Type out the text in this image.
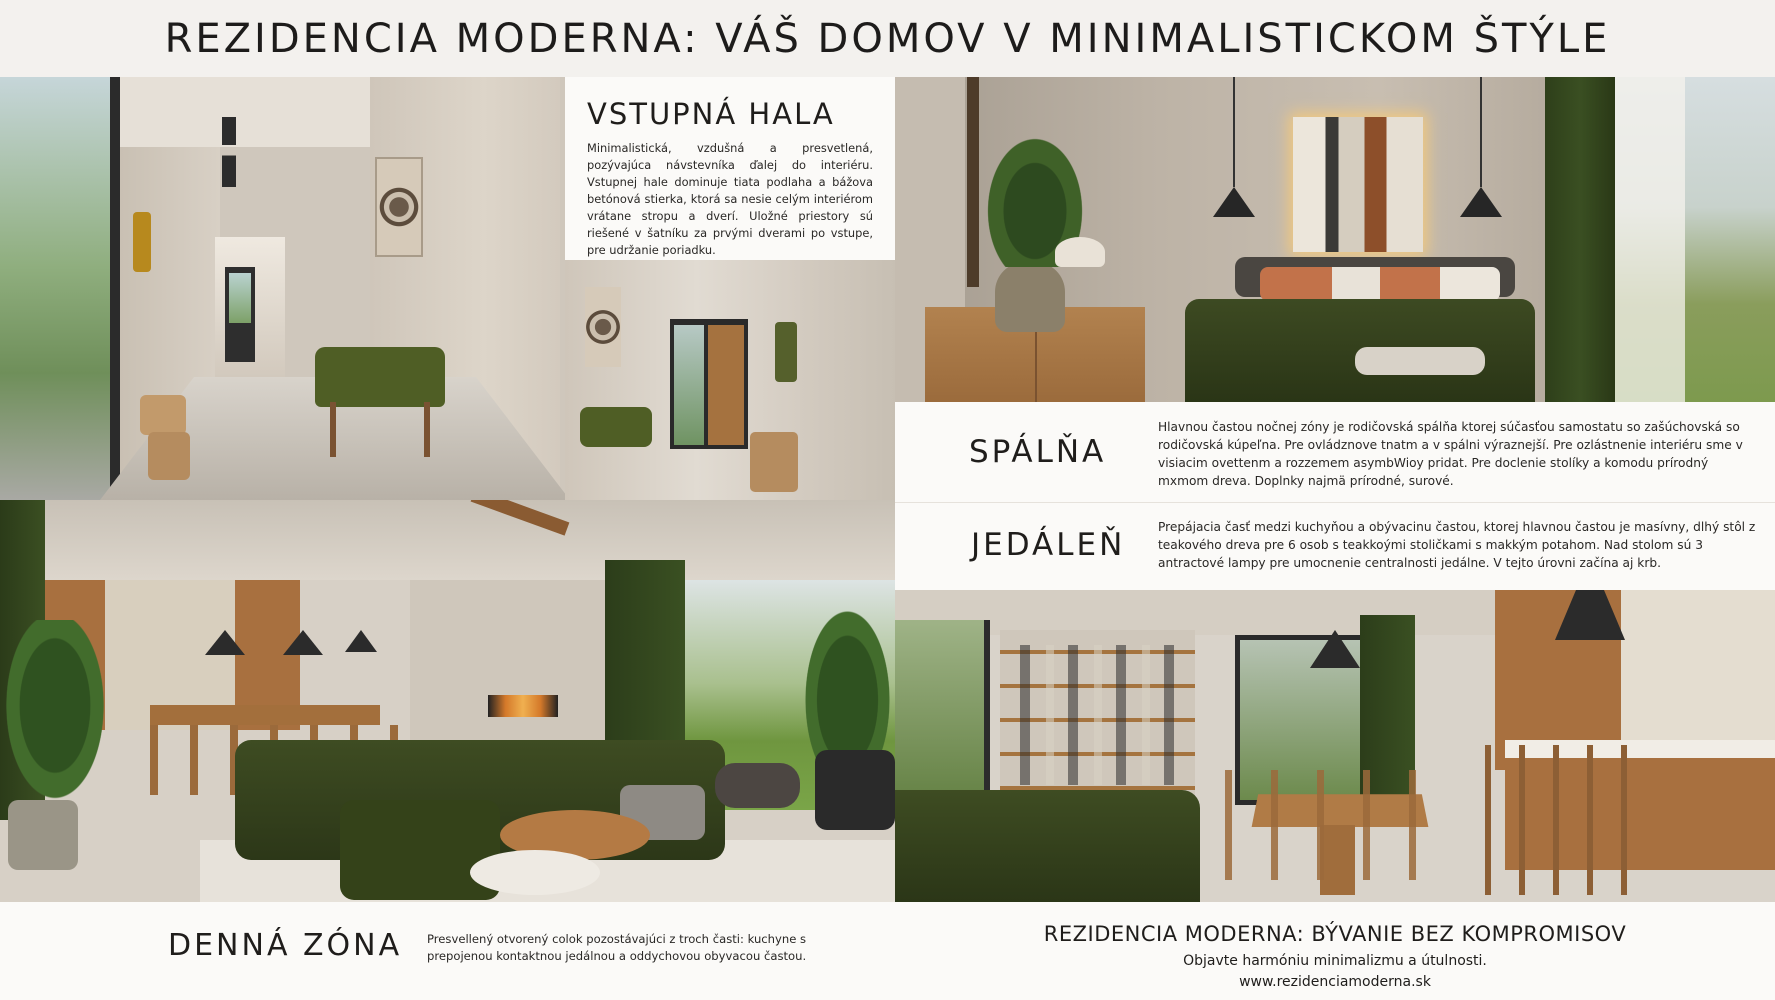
REZIDENCIA MODERNA: VÁŠ DOMOV V MINIMALISTICKOM ŠTÝLE
VSTUPNÁ HALA

Minimalistická, vzdušná a presvetlená, pozývajúca návstevníka ďalej do interiéru. Vstupnej hale dominuje tiata podlaha a bážova betónová stierka, ktorá sa nesie celým interiérom vrátane stropu a dverí. Uložné priestory sú riešené v šatníku za prvými dverami po vstupe, pre udržanie poriadku.

SPÁLŇA

Hlavnou častou nočnej zóny je rodičovská spálňa ktorej súčasťou samostatu so zašúchovská so rodičovská kúpeľna. Pre ovládznove tnatm a v spálni výraznejší. Pre ozlástnenie interiéru sme v visiacim ovettenm a rozzemem asymbWioy pridat. Pre doclenie stolíky a komodu prírodný mxmom dreva. Doplnky najmä prírodné, surové.

JEDÁLEŇ	Prepájacia časť medzi kuchyňou a obývacinu častou, ktorej hlavnou častou je masívny, dlhý stôl z teakového dreva pre 6 osob s teakkoými stoličkami s makkým potahom. Nad stolom sú 3 antractové lampy pre umocnenie centralnosti jedálne. V tejto úrovni začína aj krb.

DENNÁ ZÓNA Presvellený otvorený colok pozostávajúci z troch časti: kuchyne s prepojenou kontaktnou jedálnou a oddychovou obyvacou častou.

REZIDENCIA MODERNA: BÝVANIE BEZ KOMPROMISOV
Objavte harmóniu minimalizmu a útulnosti.
www.rezidenciamoderna.sk
